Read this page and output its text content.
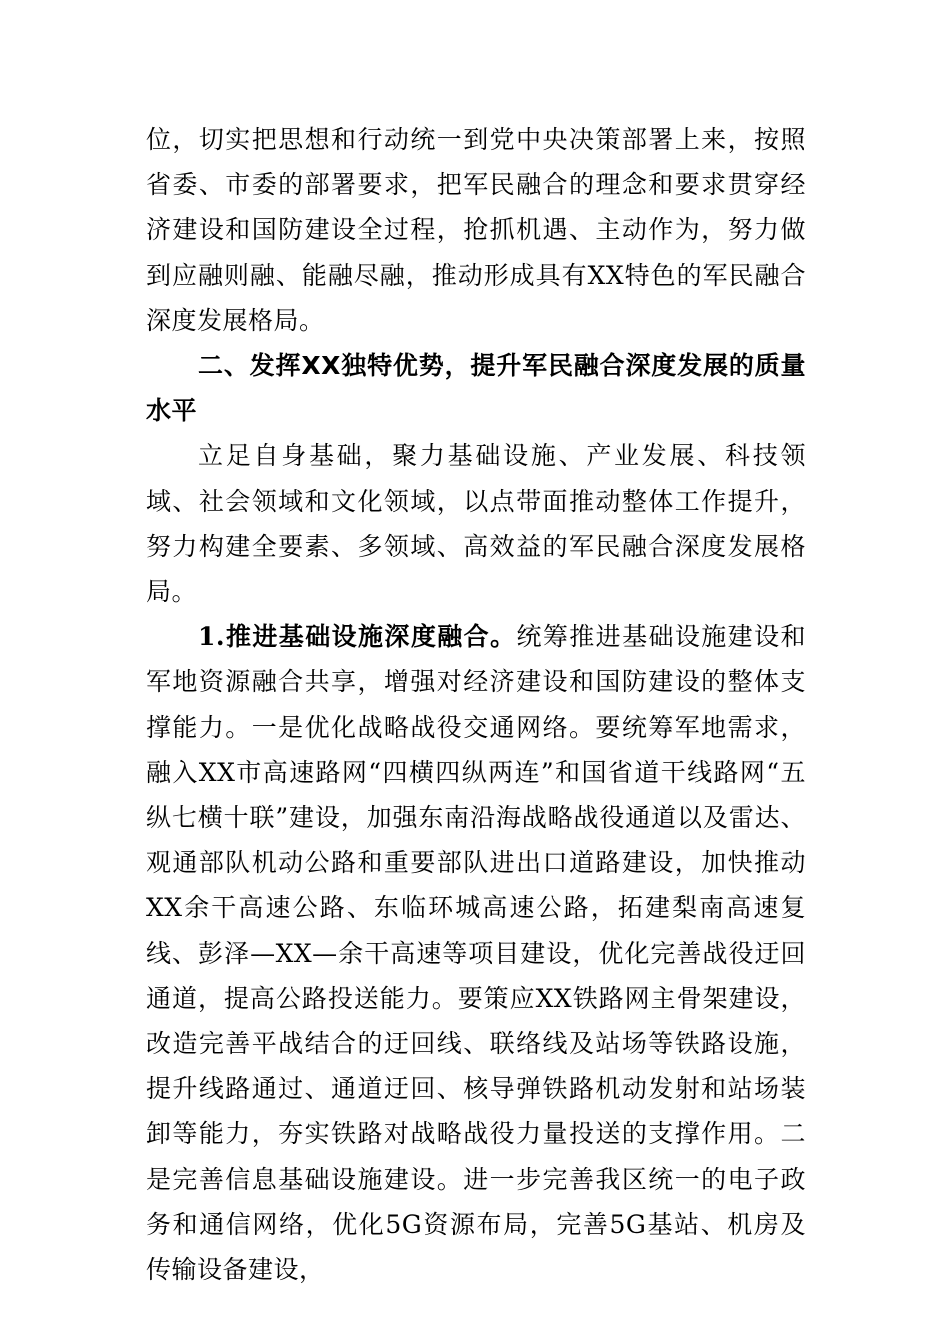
位，切实把思想和行动统一到党中央决策部署上来，按照省委、市委的部署要求，把军民融合的理念和要求贯穿经济建设和国防建设全过程，抢抓机遇、主动作为，努力做到应融则融、能融尽融，推动形成具有XX特色的军民融合深度发展格局。

二、发挥XX独特优势，提升军民融合深度发展的质量水平

立足自身基础，聚力基础设施、产业发展、科技领域、社会领域和文化领域，以点带面推动整体工作提升，努力构建全要素、多领域、高效益的军民融合深度发展格局。

1.推进基础设施深度融合。统筹推进基础设施建设和军地资源融合共享，增强对经济建设和国防建设的整体支撑能力。一是优化战略战役交通网络。要统筹军地需求，融入XX市高速路网“四横四纵两连”和国省道干线路网“五纵七横十联”建设，加强东南沿海战略战役通道以及雷达、观通部队机动公路和重要部队进出口道路建设，加快推动XX余干高速公路、东临环城高速公路，拓建梨南高速复线、彭泽—XX—余干高速等项目建设，优化完善战役迂回通道，提高公路投送能力。要策应XX铁路网主骨架建设，改造完善平战结合的迂回线、联络线及站场等铁路设施，提升线路通过、通道迂回、核导弹铁路机动发射和站场装卸等能力，夯实铁路对战略战役力量投送的支撑作用。二是完善信息基础设施建设。进一步完善我区统一的电子政务和通信网络，优化5G资源布局，完善5G基站、机房及传输设备建设，
